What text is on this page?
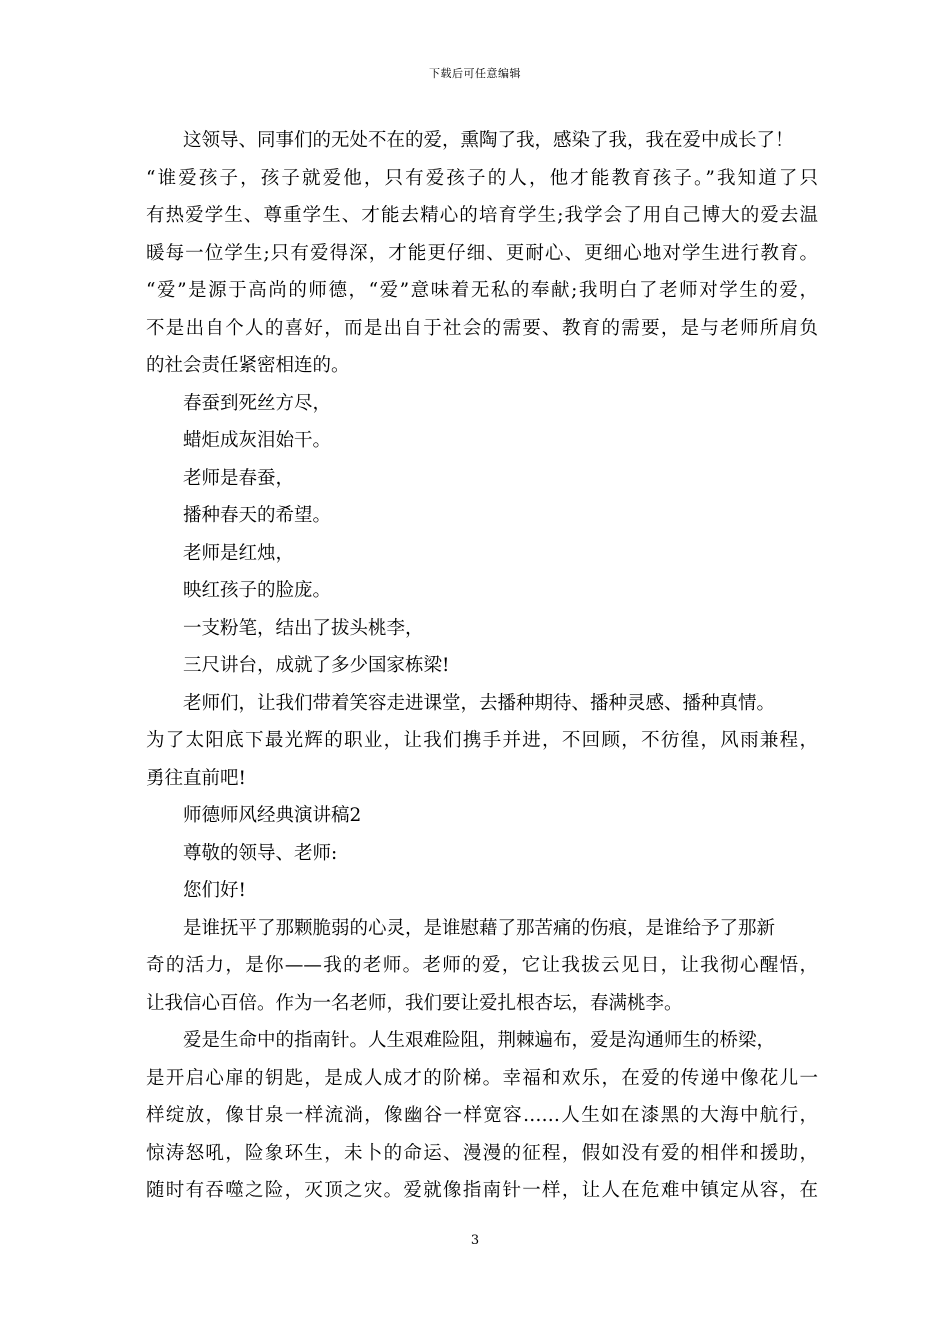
下载后可任意编辑
这领导、同事们的无处不在的爱，熏陶了我，感染了我，我在爱中成长了！
“谁爱孩子，孩子就爱他，只有爱孩子的人，他才能教育孩子。”我知道了只
有热爱学生、尊重学生、才能去精心的培育学生;我学会了用自己博大的爱去温
暖每一位学生;只有爱得深，才能更仔细、更耐心、更细心地对学生进行教育。
“爱”是源于高尚的师德，“爱”意味着无私的奉献;我明白了老师对学生的爱，
不是出自个人的喜好，而是出自于社会的需要、教育的需要，是与老师所肩负
的社会责任紧密相连的。
春蚕到死丝方尽，
蜡炬成灰泪始干。
老师是春蚕，
播种春天的希望。
老师是红烛，
映红孩子的脸庞。
一支粉笔，结出了拔头桃李，
三尺讲台，成就了多少国家栋梁!
老师们，让我们带着笑容走进课堂，去播种期待、播种灵感、播种真情。
为了太阳底下最光辉的职业，让我们携手并进，不回顾，不彷徨，风雨兼程，
勇往直前吧!
师德师风经典演讲稿2
尊敬的领导、老师:
您们好!
是谁抚平了那颗脆弱的心灵，是谁慰藉了那苦痛的伤痕，是谁给予了那新
奇的活力，是你——我的老师。老师的爱，它让我拔云见日，让我彻心醒悟，
让我信心百倍。作为一名老师，我们要让爱扎根杏坛，春满桃李。
爱是生命中的指南针。人生艰难险阻，荆棘遍布，爱是沟通师生的桥梁，
是开启心扉的钥匙，是成人成才的阶梯。幸福和欢乐，在爱的传递中像花儿一
样绽放，像甘泉一样流淌，像幽谷一样宽容……人生如在漆黑的大海中航行，
惊涛怒吼，险象环生，未卜的命运、漫漫的征程，假如没有爱的相伴和援助，
随时有吞噬之险，灭顶之灾。爱就像指南针一样，让人在危难中镇定从容，在
3
